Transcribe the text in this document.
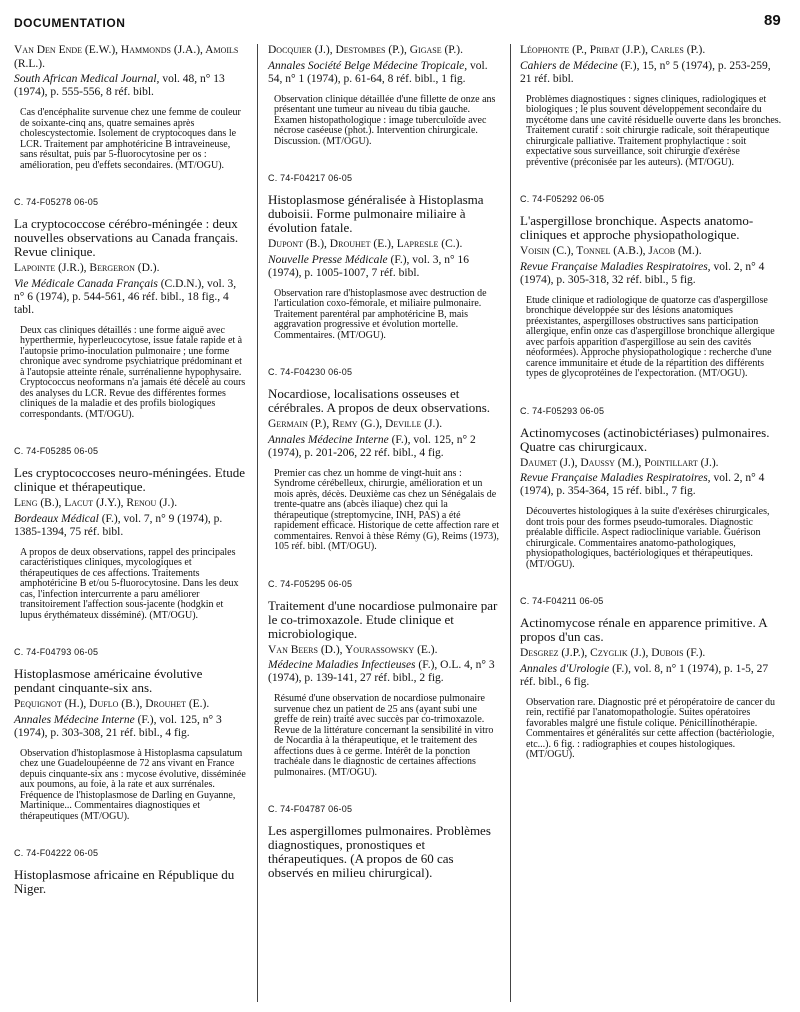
DOCUMENTATION	89

Van Den Ende (E.W.), Hammonds (J.A.), Amoils (R.L.).

South African Medical Journal, vol. 48, n° 13 (1974), p. 555-556, 8 réf. bibl.

Cas d'encéphalite survenue chez une femme de couleur de soixante-cinq ans, quatre semaines après cholescystectomie. Isolement de cryptocoques dans le LCR. Traitement par amphotéricine B intraveineuse, sans résultat, puis par 5-fluorocytosine per os : amélioration, peu d'effets secondaires. (MT/OGU).

C. 74-F05278 06-05

La cryptococcose cérébro-méningée : deux nouvelles observations au Canada français. Revue clinique.

Lapointe (J.R.), Bergeron (D.).

Vie Médicale Canada Français (C.D.N.), vol. 3, n° 6 (1974), p. 544-561, 46 réf. bibl., 18 fig., 4 tabl.

Deux cas cliniques détaillés : une forme aiguë avec hyperthermie, hyperleucocytose, issue fatale rapide et à l'autopsie primo-inoculation pulmonaire ; une forme chronique avec syndrome psychiatrique prédominant et à l'autopsie atteinte rénale, surrénalienne hypophysaire. Cryptococcus neoformans n'a jamais été décelé au cours des analyses du LCR. Revue des différentes formes cliniques de la maladie et des profils biologiques correspondants. (MT/OGU).

C. 74-F05285 06-05

Les cryptococcoses neuro-méningées. Etude clinique et thérapeutique.

Leng (B.), Lacut (J.Y.), Renou (J.).

Bordeaux Médical (F.), vol. 7, n° 9 (1974), p. 1385-1394, 75 réf. bibl.

A propos de deux observations, rappel des principales caractéristiques cliniques, mycologiques et thérapeutiques de ces affections. Traitements amphotéricine B et/ou 5-fluorocytosine. Dans les deux cas, l'infection intercurrente a paru améliorer transitoirement l'affection sous-jacente (hodgkin et lupus érythémateux disséminé). (MT/OGU).

C. 74-F04793 06-05

Histoplasmose américaine évolutive pendant cinquante-six ans.

Pequignot (H.), Duflo (B.), Drouhet (E.).

Annales Médecine Interne (F.), vol. 125, n° 3 (1974), p. 303-308, 21 réf. bibl., 4 fig.

Observation d'histoplasmose à Histoplasma capsulatum chez une Guadeloupéenne de 72 ans vivant en France depuis cinquante-six ans : mycose évolutive, disséminée aux poumons, au foie, à la rate et aux surrénales. Fréquence de l'histoplasmose de Darling en Guyanne, Martinique... Commentaires diagnostiques et thérapeutiques (MT/OGU).

C. 74-F04222 06-05

Histoplasmose africaine en République du Niger.

Docquier (J.), Destombes (P.), Gigase (P.).

Annales Société Belge Médecine Tropicale, vol. 54, n° 1 (1974), p. 61-64, 8 réf. bibl., 1 fig.

Observation clinique détaillée d'une fillette de onze ans présentant une tumeur au niveau du tibia gauche. Examen histopathologique : image tuberculoïde avec nécrose caséeuse (phot.). Intervention chirurgicale. Discussion. (MT/OGU).

C. 74-F04217 06-05

Histoplasmose généralisée à Histoplasma duboisii. Forme pulmonaire miliaire à évolution fatale.

Dupont (B.), Drouhet (E.), Lapresle (C.).

Nouvelle Presse Médicale (F.), vol. 3, n° 16 (1974), p. 1005-1007, 7 réf. bibl.

Observation rare d'histoplasmose avec destruction de l'articulation coxo-fémorale, et miliaire pulmonaire. Traitement parentéral par amphotéricine B, mais aggravation progressive et évolution mortelle. Commentaires. (MT/OGU).

C. 74-F04230 06-05

Nocardiose, localisations osseuses et cérébrales. A propos de deux observations.

Germain (P.), Remy (G.), Deville (J.).

Annales Médecine Interne (F.), vol. 125, n° 2 (1974), p. 201-206, 22 réf. bibl., 4 fig.

Premier cas chez un homme de vingt-huit ans : Syndrome cérébelleux, chirurgie, amélioration et un mois après, décès. Deuxième cas chez un Sénégalais de trente-quatre ans (abcès iliaque) chez qui la thérapeutique (streptomycine, INH, PAS) a été rapidement efficace. Historique de cette affection rare et commentaires. Renvoi à thèse Rémy (G), Reims (1973), 105 réf. bibl. (MT/OGU).

C. 74-F05295 06-05

Traitement d'une nocardiose pulmonaire par le co-trimoxazole. Etude clinique et microbiologique.

Van Beers (D.), Yourassowsky (E.).

Médecine Maladies Infectieuses (F.), O.L. 4, n° 3 (1974), p. 139-141, 27 réf. bibl., 2 fig.

Résumé d'une observation de nocardiose pulmonaire survenue chez un patient de 25 ans (ayant subi une greffe de rein) traité avec succès par co-trimoxazole. Revue de la littérature concernant la sensibilité in vitro de Nocardia à la thérapeutique, et le traitement des affections dues à ce germe. Intérêt de la ponction trachéale dans le diagnostic de certaines affections pulmonaires. (MT/OGU).

C. 74-F04787 06-05

Les aspergillomes pulmonaires. Problèmes diagnostiques, pronostiques et thérapeutiques. (A propos de 60 cas observés en milieu chirurgical).

Léophonte (P., Pribat (J.P.), Carles (P.).

Cahiers de Médecine (F.), 15, n° 5 (1974), p. 253-259, 21 réf. bibl.

Problèmes diagnostiques : signes cliniques, radiologiques et biologiques ; le plus souvent développement secondaire du mycétome dans une cavité résiduelle ouverte dans les bronches. Traitement curatif : soit chirurgie radicale, soit thérapeutique chirurgicale palliative. Traitement prophylactique : soit expectative sous surveillance, soit chirurgie d'exérèse préventive (préconisée par les auteurs). (MT/OGU).

C. 74-F05292 06-05

L'aspergillose bronchique. Aspects anatomo-cliniques et approche physiopathologique.

Voisin (C.), Tonnel (A.B.), Jacob (M.).

Revue Française Maladies Respiratoires, vol. 2, n° 4 (1974), p. 305-318, 32 réf. bibl., 5 fig.

Etude clinique et radiologique de quatorze cas d'aspergillose bronchique développée sur des lésions anatomiques préexistantes, aspergilloses obstructives sans participation allergique, enfin onze cas d'aspergillose bronchique allergique avec parfois apparition d'aspergillose au sein des cavités néoformées). Approche physiopathologique : recherche d'une carence immunitaire et étude de la répartition des différents types de glycoprotéines de l'expectoration. (MT/OGU).

C. 74-F05293 06-05

Actinomycoses (actinobictériases) pulmonaires. Quatre cas chirurgicaux.

Daumet (J.), Daussy (M.), Pointillart (J.).

Revue Française Maladies Respiratoires, vol. 2, n° 4 (1974), p. 354-364, 15 réf. bibl., 7 fig.

Découvertes histologiques à la suite d'exérèses chirurgicales, dont trois pour des formes pseudo-tumorales. Diagnostic préalable difficile. Aspect radioclinique variable. Guérison chirurgicale. Commentaires anatomo-pathologiques, physiopathologiques, bactériologiques et thérapeutiques. (MT/OGU).

C. 74-F04211 06-05

Actinomycose rénale en apparence primitive. A propos d'un cas.

Desgrez (J.P.), Czyglik (J.), Dubois (F.).

Annales d'Urologie (F.), vol. 8, n° 1 (1974), p. 1-5, 27 réf. bibl., 6 fig.

Observation rare. Diagnostic pré et péropératoire de cancer du rein, rectifié par l'anatomopathologie. Suites opératoires favorables malgré une fistule colique. Pénicillinothérapie. Commentaires et généralités sur cette affection (bactériologie, etc...). 6 fig. : radiographies et coupes histologiques. (MT/OGU).
